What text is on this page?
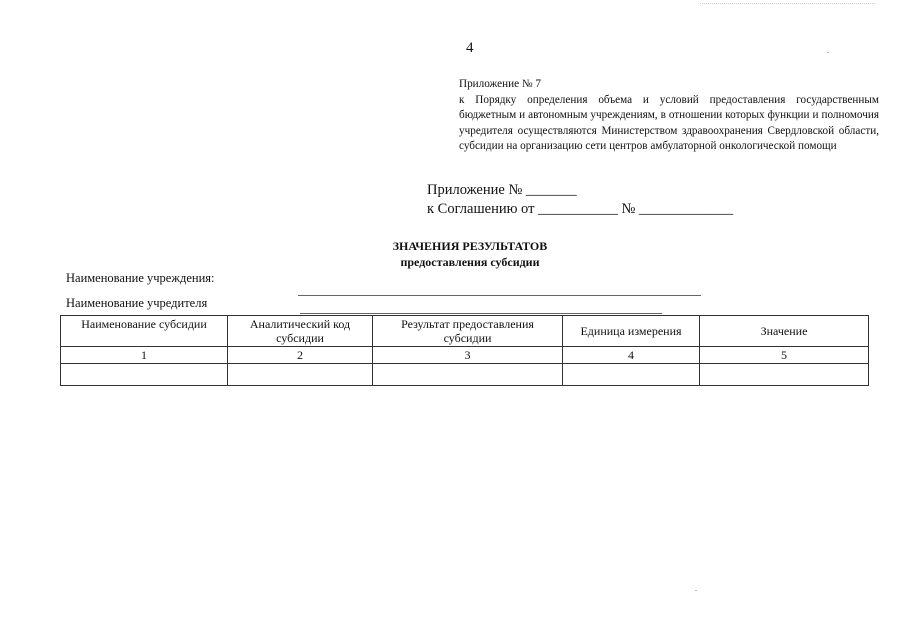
4
Приложение № 7
к Порядку определения объема и условий предоставления государственным бюджетным и автономным учреждениям, в отношении которых функции и полномочия учредителя осуществляются Министерством здравоохранения Свердловской области, субсидии на организацию сети центров амбулаторной онкологической помощи
Приложение № _______
к Соглашению от ___________ № _____________
ЗНАЧЕНИЯ РЕЗУЛЬТАТОВ
предоставления субсидии
Наименование учреждения:
Наименование учредителя
Наименование субсидии	Аналитический код субсидии	Результат предоставления субсидии	Единица измерения	Значение
1	2	3	4	5
